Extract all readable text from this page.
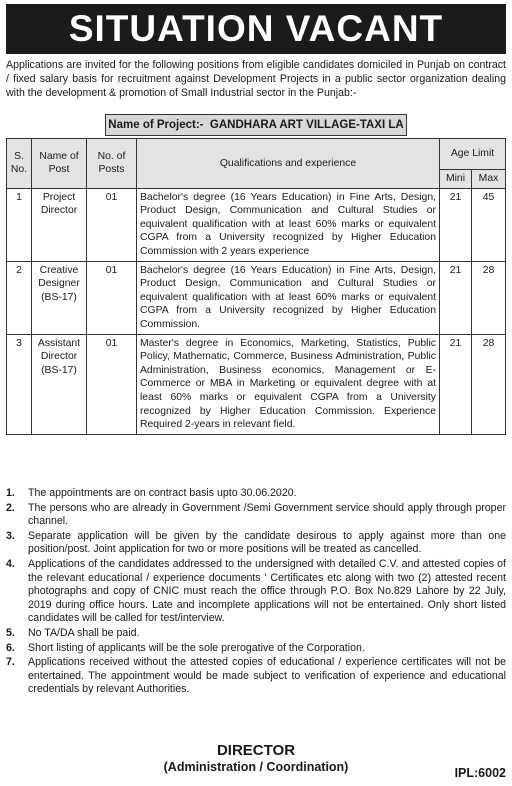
SITUATION VACANT
Applications are invited for the following positions from eligible candidates domiciled in Punjab on contract / fixed salary basis for recruitment against Development Projects in a public sector organization dealing with the development & promotion of Small Industrial sector in the Punjab:-
Name of Project:-
GANDHARA ART VILLAGE-TAXI LA
S. No.	Name of Post	No. of Posts	Qualifications and experience	Age Limit	
				Mini	Max
1	Project Director	01	Bachelor's degree (16 Years Education) in Fine Arts, Design, Product Design, Communication and Cultural Studies or equivalent qualification with at least 60% marks or equivalent CGPA from a University recognized by Higher Education Commission with 2 years experience	21	45
2	Creative Designer (BS-17)	01	Bachelor's degree (16 Years Education) in Fine Arts, Design, Product Design, Communication and Cultural Studies or equivalent qualification with at least 60% marks or equivalent CGPA from a University recognized by Higher Education Commission.	21	28
3	Assistant Director (BS-17)	01	Master's degree in Economics, Marketing, Statistics, Public Policy, Mathematic, Commerce, Business Administration, Public Administration, Business economics, Management or E-Commerce or MBA in Marketing or equivalent degree with at least 60% marks or equivalent CGPA from a University recognized by Higher Education Commission. Experience Required 2-years in relevant field.	21	28
1.	The appointments are on contract basis upto 30.06.2020.
2.	The persons who are already in Government /Semi Government service should apply through proper channel.
3.	Separate application will be given by the candidate desirous to apply against more than one position/post. Joint application for two or more positions will be treated as cancelled.
4.	Applications of the candidates addressed to the undersigned with detailed C.V. and attested copies of the relevant educational / experience documents ' Certificates etc along with two (2) attested recent photographs and copy of CNIC must reach the office through P.O. Box No.829 Lahore by 22 July, 2019 during office hours. Late and incomplete applications will not be entertained. Only short listed candidates will be called for test/interview.
5.	No TA/DA shall be paid.
6.	Short listing of applicants will be the sole prerogative of the Corporation.
7.	Applications received without the attested copies of educational / experience certificates will not be entertained. The appointment would be made subject to verification of experience and educational credentials by relevant Authorities.
DIRECTOR
(Administration / Coordination)	IPL:6002
